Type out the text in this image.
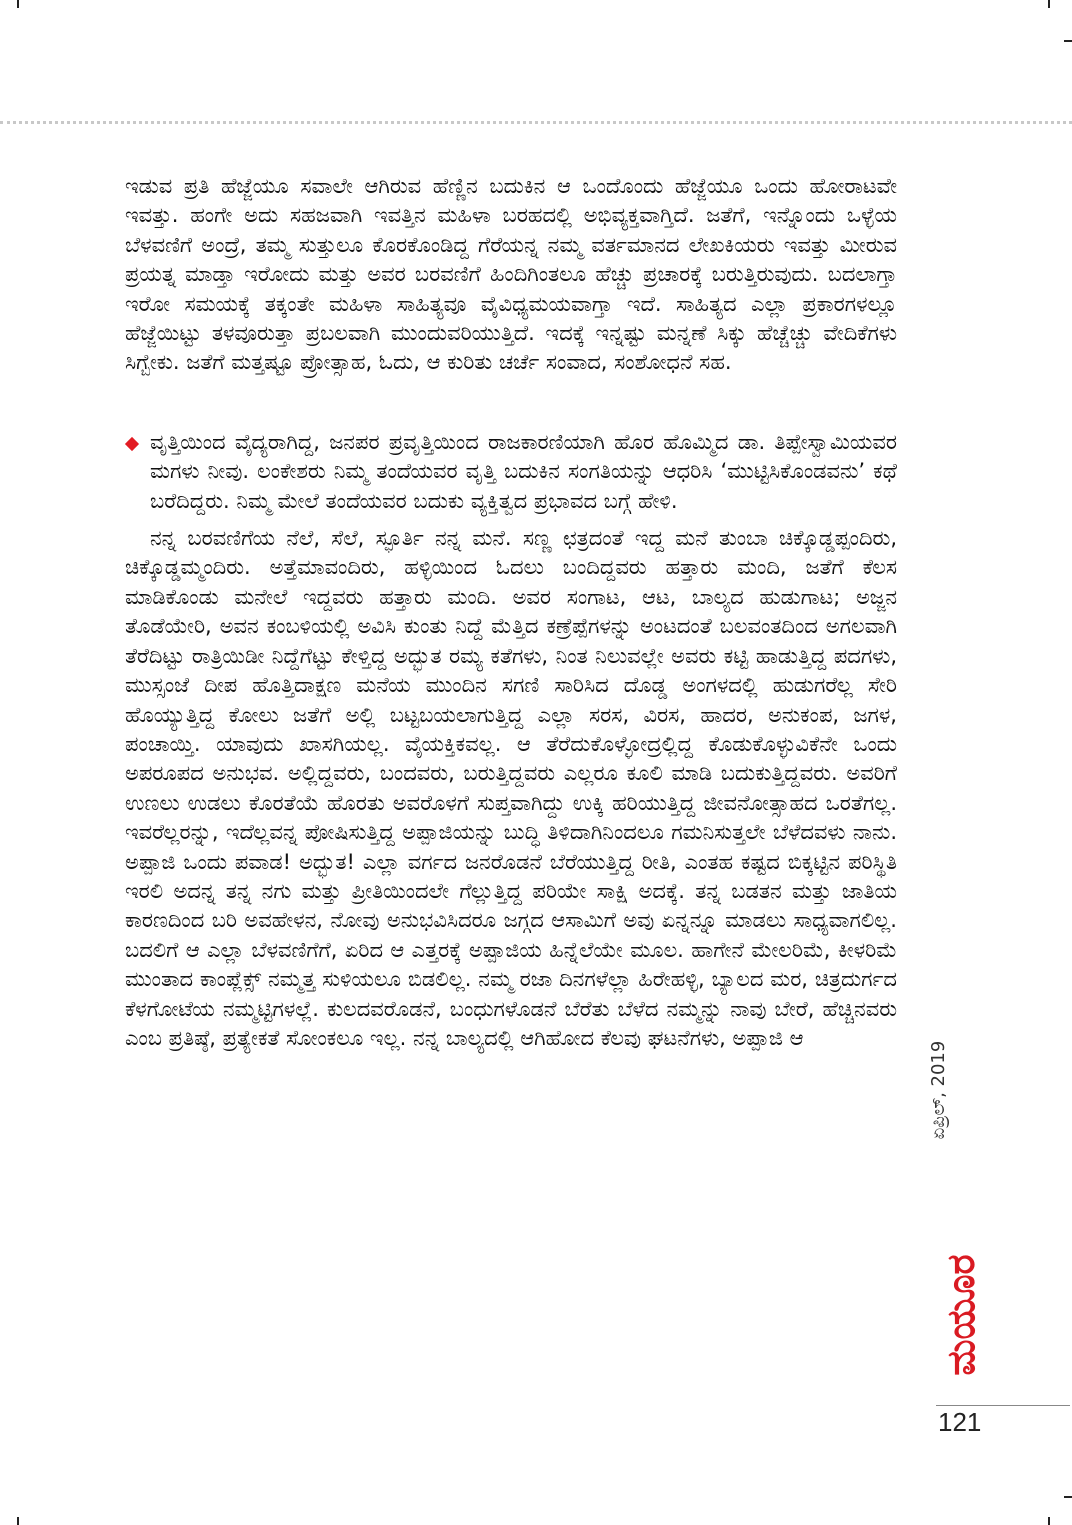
ಇಡುವ ಪ್ರತಿ ಹೆಜ್ಜೆಯೂ ಸವಾಲೇ ಆಗಿರುವ ಹೆಣ್ಣಿನ ಬದುಕಿನ ಆ ಒಂದೊಂದು ಹೆಜ್ಜೆಯೂ ಒಂದು ಹೋರಾಟವೇ ಇವತ್ತು. ಹಂಗೇ ಅದು ಸಹಜವಾಗಿ ಇವತ್ತಿನ ಮಹಿಳಾ ಬರಹದಲ್ಲಿ ಅಭಿವ್ಯಕ್ತವಾಗ್ತಿದೆ. ಜತೆಗೆ, ಇನ್ನೊಂದು ಒಳ್ಳೆಯ ಬೆಳವಣಿಗೆ ಅಂದ್ರೆ, ತಮ್ಮ ಸುತ್ತುಲೂ ಕೊರಕೊಂಡಿದ್ದ ಗೆರೆಯನ್ನ ನಮ್ಮ ವರ್ತಮಾನದ ಲೇಖಕಿಯರು ಇವತ್ತು ಮೀರುವ ಪ್ರಯತ್ನ ಮಾಡ್ತಾ ಇರೋದು ಮತ್ತು ಅವರ ಬರವಣಿಗೆ ಹಿಂದಿಗಿಂತಲೂ ಹೆಚ್ಚು ಪ್ರಚಾರಕ್ಕೆ ಬರುತ್ತಿರುವುದು. ಬದಲಾಗ್ತಾ ಇರೋ ಸಮಯಕ್ಕೆ ತಕ್ಕಂತೇ ಮಹಿಳಾ ಸಾಹಿತ್ಯವೂ ವೈವಿಧ್ಯಮಯವಾಗ್ತಾ ಇದೆ. ಸಾಹಿತ್ಯದ ಎಲ್ಲಾ ಪ್ರಕಾರಗಳಲ್ಲೂ ಹೆಜ್ಜೆಯಿಟ್ಟು ತಳವೂರುತ್ತಾ ಪ್ರಬಲವಾಗಿ ಮುಂದುವರಿಯುತ್ತಿದೆ. ಇದಕ್ಕೆ ಇನ್ನಷ್ಟು ಮನ್ನಣೆ ಸಿಕ್ಕು ಹೆಚ್ಚೆಚ್ಚು ವೇದಿಕೆಗಳು ಸಿಗ್ಬೇಕು. ಜತೆಗೆ ಮತ್ತಷ್ಟೂ ಪ್ರೋತ್ಸಾಹ, ಓದು, ಆ ಕುರಿತು ಚರ್ಚೆ ಸಂವಾದ, ಸಂಶೋಧನೆ ಸಹ.

ವೃತ್ತಿಯಿಂದ ವೈದ್ಯರಾಗಿದ್ದ, ಜನಪರ ಪ್ರವೃತ್ತಿಯಿಂದ ರಾಜಕಾರಣಿಯಾಗಿ ಹೊರ ಹೊಮ್ಮಿದ ಡಾ. ತಿಪ್ಪೇಸ್ವಾಮಿಯವರ ಮಗಳು ನೀವು. ಲಂಕೇಶರು ನಿಮ್ಮ ತಂದೆಯವರ ವೃತ್ತಿ ಬದುಕಿನ ಸಂಗತಿಯನ್ನು ಆಧರಿಸಿ ‘ಮುಟ್ಟಿಸಿಕೊಂಡವನು’ ಕಥೆ ಬರೆದಿದ್ದರು. ನಿಮ್ಮ ಮೇಲೆ ತಂದೆಯವರ ಬದುಕು ವ್ಯಕ್ತಿತ್ವದ ಪ್ರಭಾವದ ಬಗ್ಗೆ ಹೇಳಿ.

ನನ್ನ ಬರವಣಿಗೆಯ ನೆಲೆ, ಸೆಲೆ, ಸ್ಫೂರ್ತಿ ನನ್ನ ಮನೆ. ಸಣ್ಣ ಛತ್ರದಂತೆ ಇದ್ದ ಮನೆ ತುಂಬಾ ಚಿಕ್ಕೊಡ್ಡಪ್ಪಂದಿರು, ಚಿಕ್ಕೊಡ್ಡಮ್ಮಂದಿರು. ಅತ್ತೆಮಾವಂದಿರು, ಹಳ್ಳಿಯಿಂದ ಓದಲು ಬಂದಿದ್ದವರು ಹತ್ತಾರು ಮಂದಿ, ಜತೆಗೆ ಕೆಲಸ ಮಾಡಿಕೊಂಡು ಮನೇಲೆ ಇದ್ದವರು ಹತ್ತಾರು ಮಂದಿ. ಅವರ ಸಂಗಾಟ, ಆಟ, ಬಾಲ್ಯದ ಹುಡುಗಾಟ; ಅಜ್ಜನ ತೊಡೆಯೇರಿ, ಅವನ ಕಂಬಳಿಯಲ್ಲಿ ಅವಿಸಿ ಕುಂತು ನಿದ್ದೆ ಮೆತ್ತಿದ ಕಣ್ರೆಪ್ಪೆಗಳನ್ನು ಅಂಟದಂತೆ ಬಲವಂತದಿಂದ ಅಗಲವಾಗಿ ತೆರೆದಿಟ್ಟು ರಾತ್ರಿಯಿಡೀ ನಿದ್ದೆಗೆಟ್ಟು ಕೇಳ್ತಿದ್ದ ಅದ್ಭುತ ರಮ್ಯ ಕತೆಗಳು, ನಿಂತ ನಿಲುವಲ್ಲೇ ಅವರು ಕಟ್ಟಿ ಹಾಡುತ್ತಿದ್ದ ಪದಗಳು, ಮುಸ್ಸಂಜೆ ದೀಪ ಹೊತ್ತಿದಾಕ್ಷಣ ಮನೆಯ ಮುಂದಿನ ಸಗಣಿ ಸಾರಿಸಿದ ದೊಡ್ಡ ಅಂಗಳದಲ್ಲಿ ಹುಡುಗರೆಲ್ಲ ಸೇರಿ ಹೊಯ್ಯುತ್ತಿದ್ದ ಕೋಲು ಜತೆಗೆ ಅಲ್ಲಿ ಬಟ್ಟಬಯಲಾಗುತ್ತಿದ್ದ ಎಲ್ಲಾ ಸರಸ, ವಿರಸ, ಹಾದರ, ಅನುಕಂಪ, ಜಗಳ, ಪಂಚಾಯ್ತಿ. ಯಾವುದು ಖಾಸಗಿಯಲ್ಲ. ವೈಯಕ್ತಿಕವಲ್ಲ. ಆ ತೆರೆದುಕೊಳ್ಳೋದ್ರಲ್ಲಿದ್ದ ಕೊಡುಕೊಳ್ಳುವಿಕೆನೇ ಒಂದು ಅಪರೂಪದ ಅನುಭವ. ಅಲ್ಲಿದ್ದವರು, ಬಂದವರು, ಬರುತ್ತಿದ್ದವರು ಎಲ್ಲರೂ ಕೂಲಿ ಮಾಡಿ ಬದುಕುತ್ತಿದ್ದವರು. ಅವರಿಗೆ ಉಣಲು ಉಡಲು ಕೊರತೆಯೆ ಹೊರತು ಅವರೊಳಗೆ ಸುಪ್ತವಾಗಿದ್ದು ಉಕ್ಕಿ ಹರಿಯುತ್ತಿದ್ದ ಜೀವನೋತ್ಸಾಹದ ಒರತೆಗಲ್ಲ. ಇವರೆಲ್ಲರನ್ನು, ಇದೆಲ್ಲವನ್ನ ಪೋಷಿಸುತ್ತಿದ್ದ ಅಪ್ಪಾಜಿಯನ್ನು ಬುದ್ಧಿ ತಿಳಿದಾಗಿನಿಂದಲೂ ಗಮನಿಸುತ್ತಲೇ ಬೆಳೆದವಳು ನಾನು. ಅಪ್ಪಾಜಿ ಒಂದು ಪವಾಡ! ಅದ್ಭುತ! ಎಲ್ಲಾ ವರ್ಗದ ಜನರೊಡನೆ ಬೆರೆಯುತ್ತಿದ್ದ ರೀತಿ, ಎಂತಹ ಕಷ್ಟದ ಬಿಕ್ಕಟ್ಟಿನ ಪರಿಸ್ಥಿತಿ ಇರಲಿ ಅದನ್ನ ತನ್ನ ನಗು ಮತ್ತು ಪ್ರೀತಿಯಿಂದಲೇ ಗೆಲ್ಲುತ್ತಿದ್ದ ಪರಿಯೇ ಸಾಕ್ಷಿ ಅದಕ್ಕೆ. ತನ್ನ ಬಡತನ ಮತ್ತು ಜಾತಿಯ ಕಾರಣದಿಂದ ಬರಿ ಅವಹೇಳನ, ನೋವು ಅನುಭವಿಸಿದರೂ ಜಗ್ಗದ ಆಸಾಮಿಗೆ ಅವು ಏನ್ನನ್ನೂ ಮಾಡಲು ಸಾಧ್ಯವಾಗಲಿಲ್ಲ. ಬದಲಿಗೆ ಆ ಎಲ್ಲಾ ಬೆಳವಣಿಗೆಗೆ, ಏರಿದ ಆ ಎತ್ತರಕ್ಕೆ ಅಪ್ಪಾಜಿಯ ಹಿನ್ನೆಲೆಯೇ ಮೂಲ. ಹಾಗೇನೆ ಮೇಲರಿಮೆ, ಕೀಳರಿಮೆ ಮುಂತಾದ ಕಾಂಪ್ಲೆಕ್ಸ್ ನಮ್ಮತ್ತ ಸುಳಿಯಲೂ ಬಿಡಲಿಲ್ಲ. ನಮ್ಮ ರಜಾ ದಿನಗಳೆಲ್ಲಾ ಹಿರೇಹಳ್ಳಿ, ಬ್ಯಾಲದ ಮರ, ಚಿತ್ರದುರ್ಗದ ಕೆಳಗೋಟೆಯ ನಮ್ಮಟ್ಟಿಗಳಲ್ಲೆ. ಕುಲದವರೊಡನೆ, ಬಂಧುಗಳೊಡನೆ ಬೆರೆತು ಬೆಳೆದ ನಮ್ಮನ್ನು ನಾವು ಬೇರೆ, ಹೆಚ್ಚಿನವರು ಎಂಬ ಪ್ರತಿಷ್ಠೆ, ಪ್ರತ್ಯೇಕತೆ ಸೋಂಕಲೂ ಇಲ್ಲ. ನನ್ನ ಬಾಲ್ಯದಲ್ಲಿ ಆಗಿಹೋದ ಕೆಲವು ಘಟನೆಗಳು, ಅಪ್ಪಾಜಿ ಆ

ಏಪ್ರಿಲ್, 2019
ಮಯೂರ
121
